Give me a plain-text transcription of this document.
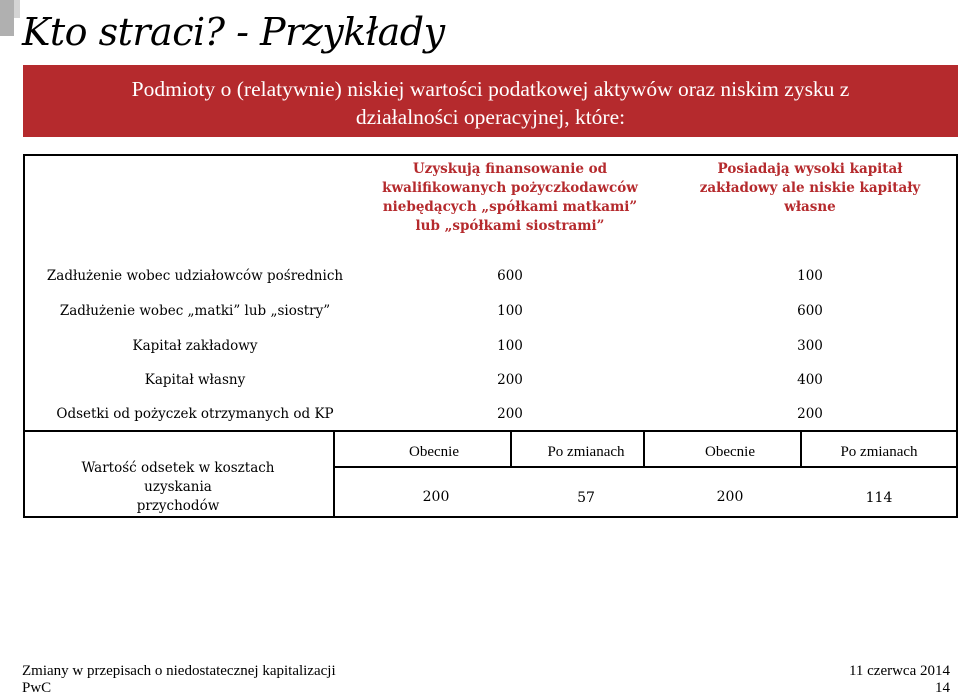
Kto straci? - Przykłady
Podmioty o (relatywnie) niskiej wartości podatkowej aktywów oraz niskim zysku z
działalności operacyjnej, które:
Uzyskują finansowanie od
kwalifikowanych pożyczkodawców
niebędących „spółkami matkami”
lub „spółkami siostrami”
Posiadają wysoki kapitał
zakładowy ale niskie kapitały
własne
Zadłużenie wobec udziałowców pośrednich	600	100
Zadłużenie wobec „matki” lub „siostry”	100	600
Kapitał zakładowy	100	300
Kapitał własny	200	400
Odsetki od pożyczek otrzymanych od KP	200	200
Wartość odsetek w kosztach uzyskania
przychodów
Obecnie	Po zmianach	Obecnie	Po zmianach
200	57	200	114
Zmiany w przepisach o niedostatecznej kapitalizacji
PwC
11 czerwca 2014
14
